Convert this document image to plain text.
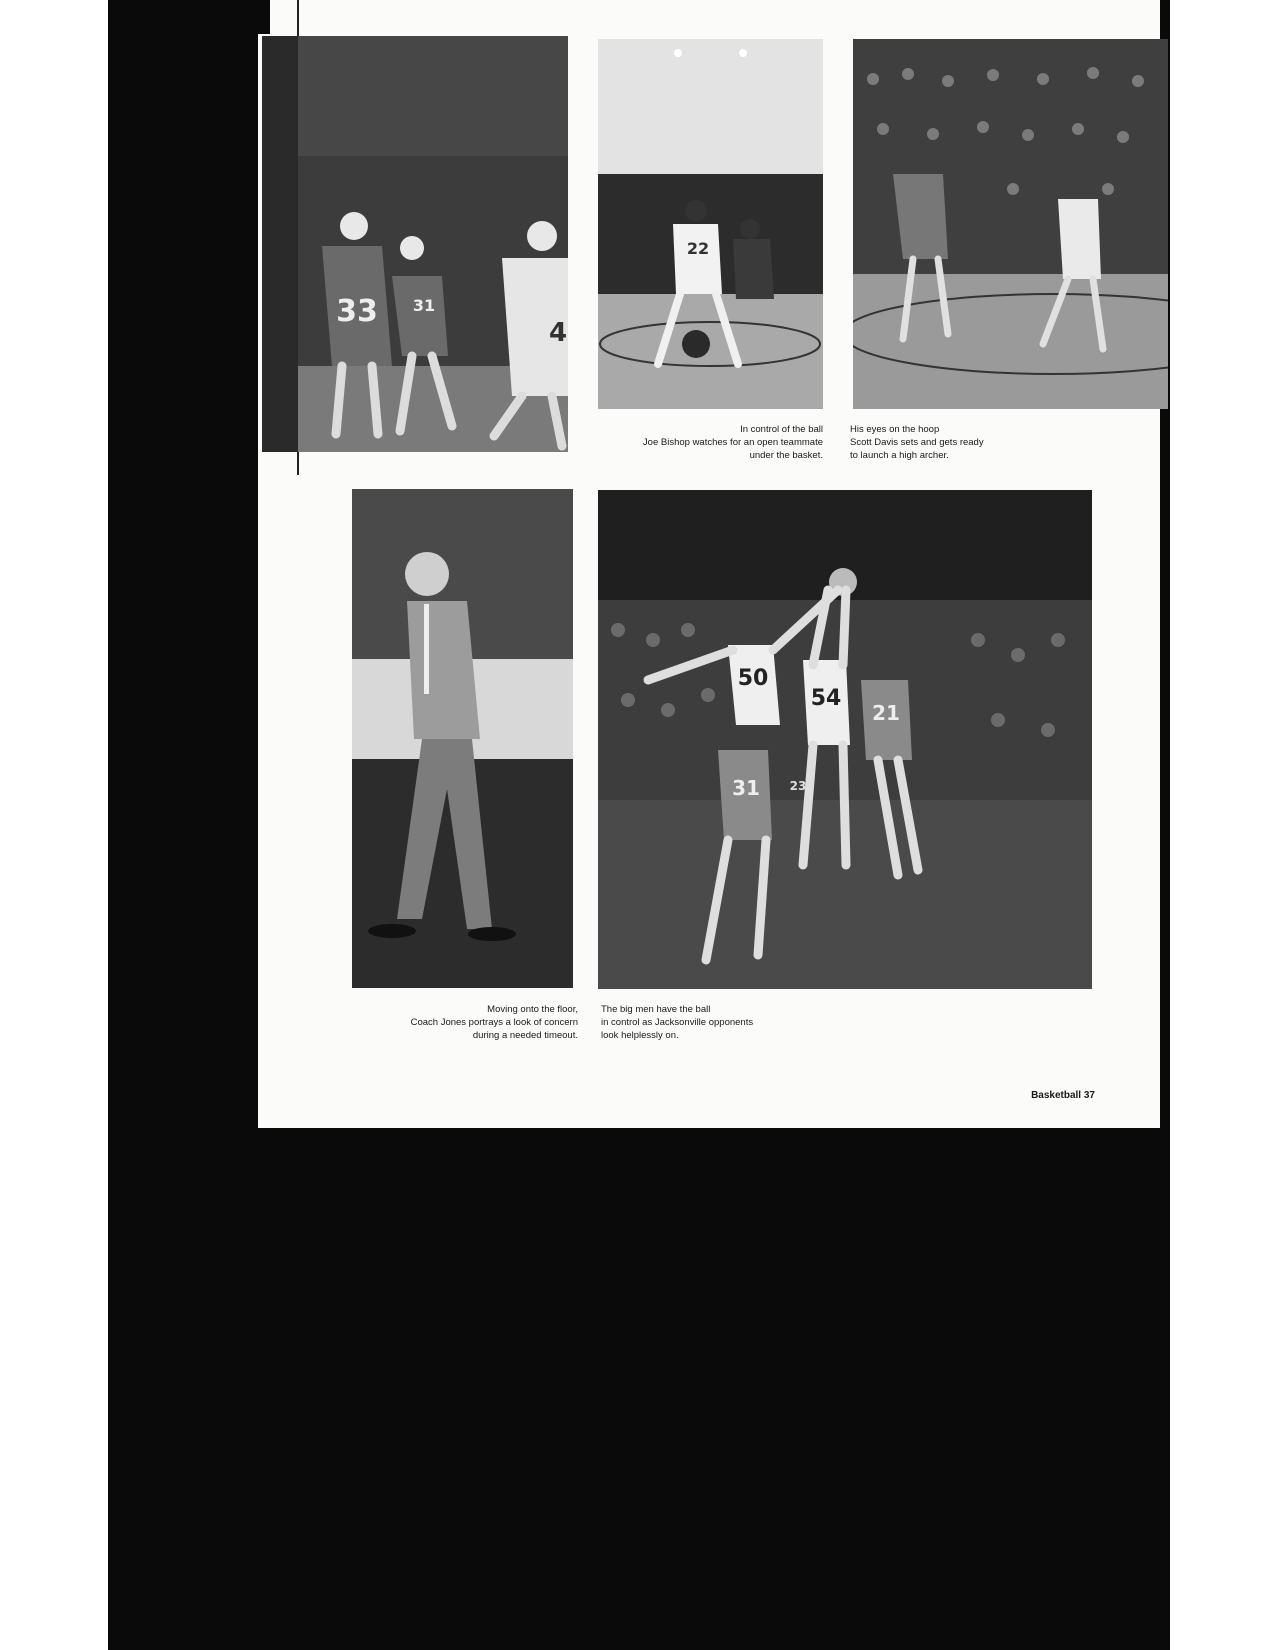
33 31
4
22
50
54
21
31 23
In control of the ball
Joe Bishop watches for an open teammate
under the basket.
His eyes on the hoop
Scott Davis sets and gets ready
to launch a high archer.
Moving onto the floor,
Coach Jones portrays a look of concern
during a needed timeout.
The big men have the ball
in control as Jacksonville opponents
look helplessly on.
Basketball 37
